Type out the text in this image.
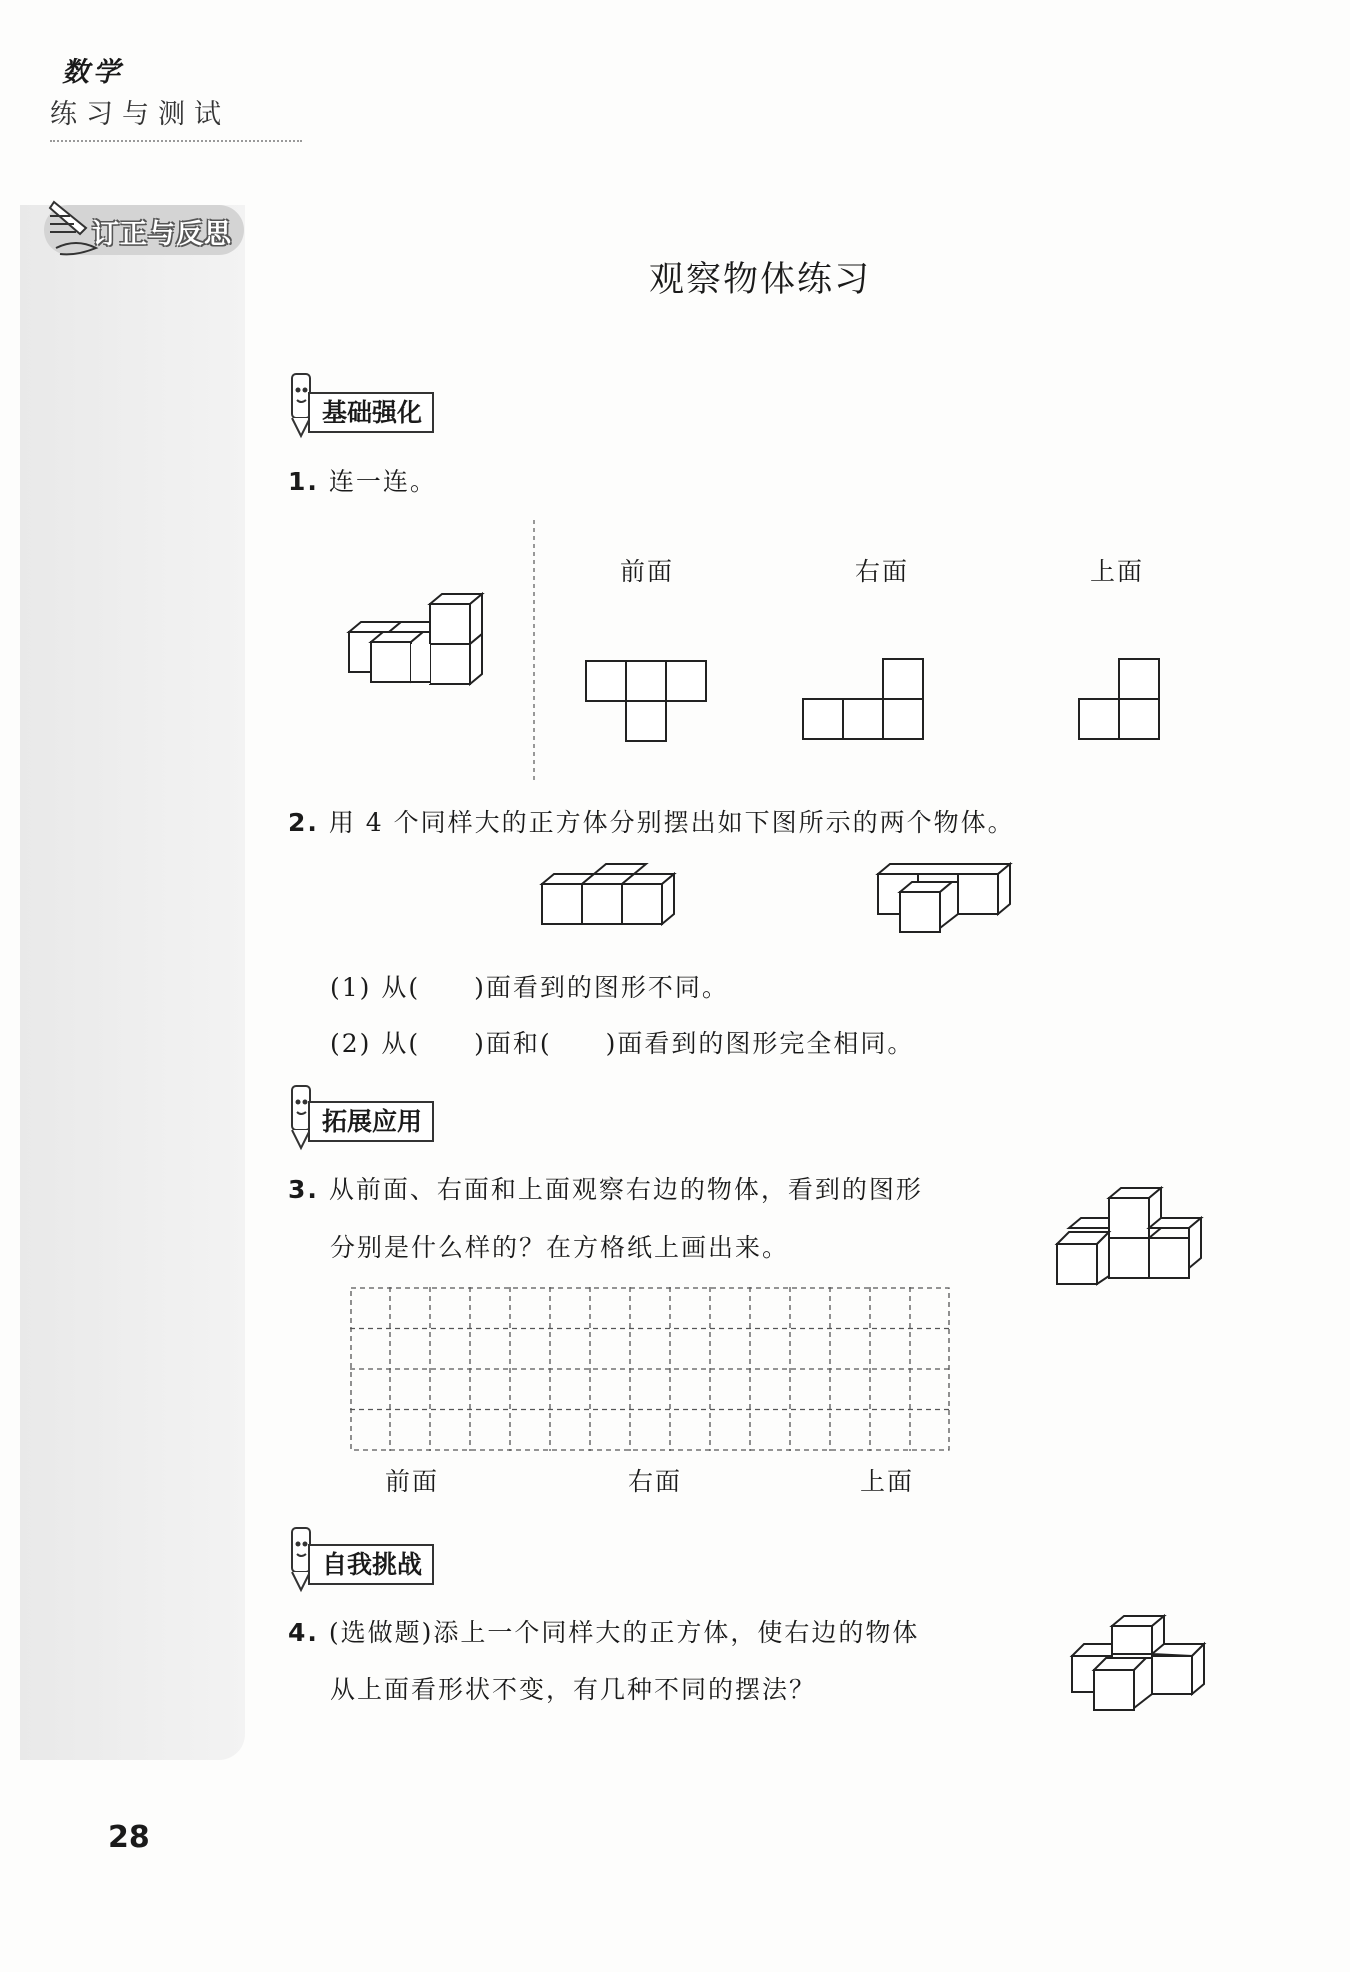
数学
练习与测试
订正与反思
观察物体练习
基础强化
1. 连一连。
前面	右面	上面
2. 用 4 个同样大的正方体分别摆出如下图所示的两个物体。
(1) 从(　　)面看到的图形不同。
(2) 从(　　)面和(　　)面看到的图形完全相同。
拓展应用
3. 从前面、右面和上面观察右边的物体，看到的图形
分别是什么样的？在方格纸上画出来。
前面	右面	上面
自我挑战
4. (选做题)添上一个同样大的正方体，使右边的物体
从上面看形状不变，有几种不同的摆法？
28
